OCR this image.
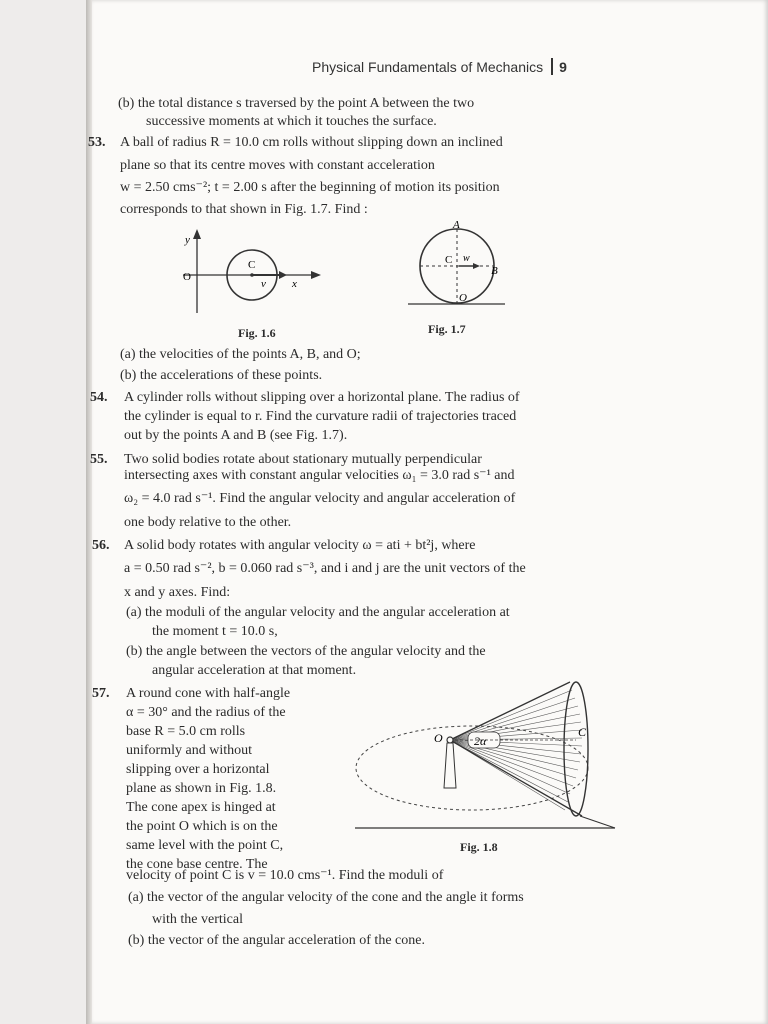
Physical Fundamentals of Mechanics 9
(b) the total distance s traversed by the point A between the two
successive moments at which it touches the surface.
53. A ball of radius R = 10.0 cm rolls without slipping down an inclined
plane so that its centre moves with constant acceleration
w = 2.50 cms⁻²; t = 2.00 s after the beginning of motion its position
corresponds to that shown in Fig. 1.7. Find :
y
O
C
v x
Fig. 1.6
A
C w
B
O
Fig. 1.7
(a) the velocities of the points A, B, and O;
(b) the accelerations of these points.
54. A cylinder rolls without slipping over a horizontal plane. The radius of
the cylinder is equal to r. Find the curvature radii of trajectories traced
out by the points A and B (see Fig. 1.7).
55. Two solid bodies rotate about stationary mutually perpendicular
intersecting axes with constant angular velocities ω₁ = 3.0 rad s⁻¹ and
ω₂ = 4.0 rad s⁻¹. Find the angular velocity and angular acceleration of
one body relative to the other.
56. A solid body rotates with angular velocity ω = ati + bt²j, where
a = 0.50 rad s⁻², b = 0.060 rad s⁻³, and i and j are the unit vectors of the
x and y axes. Find:
(a) the moduli of the angular velocity and the angular acceleration at
the moment t = 10.0 s,
(b) the angle between the vectors of the angular velocity and the
angular acceleration at that moment.
57. A round cone with half-angle
α = 30° and the radius of the
base R = 5.0 cm rolls
uniformly and without
slipping over a horizontal
plane as shown in Fig. 1.8.
The cone apex is hinged at
the point O which is on the
same level with the point C,
the cone base centre. The
velocity of point C is v = 10.0 cms⁻¹. Find the moduli of
O	2α
C
Fig. 1.8
(a) the vector of the angular velocity of the cone and the angle it forms
with the vertical
(b) the vector of the angular acceleration of the cone.
